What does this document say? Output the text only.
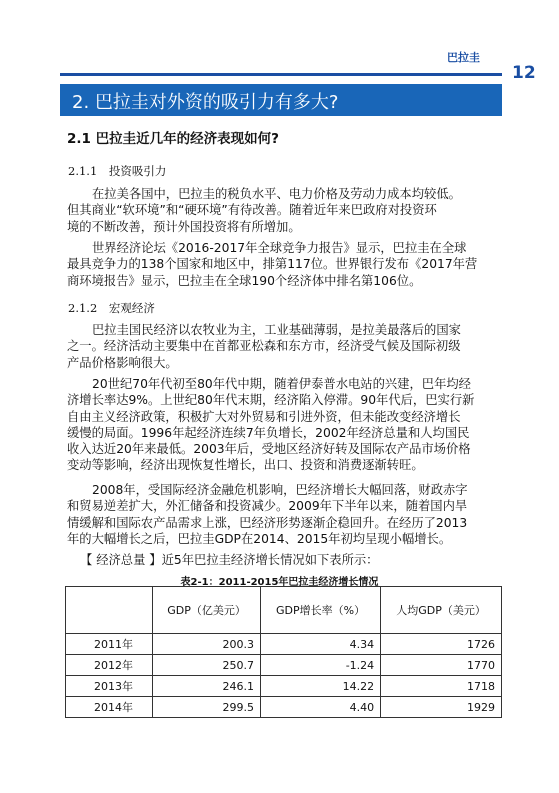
巴拉圭
12
2. 巴拉圭对外资的吸引力有多大?
2.1 巴拉圭近几年的经济表现如何?
2.1.1 投资吸引力

在拉美各国中，巴拉圭的税负水平、电力价格及劳动力成本均较低。
但其商业“软环境”和“硬环境”有待改善。随着近年来巴政府对投资环
境的不断改善，预计外国投资将有所增加。

世界经济论坛《2016-2017年全球竞争力报告》显示，巴拉圭在全球
最具竞争力的138个国家和地区中，排第117位。世界银行发布《2017年营
商环境报告》显示，巴拉圭在全球190个经济体中排名第106位。

2.1.2 宏观经济

巴拉圭国民经济以农牧业为主，工业基础薄弱，是拉美最落后的国家
之一。经济活动主要集中在首都亚松森和东方市，经济受气候及国际初级
产品价格影响很大。

20世纪70年代初至80年代中期，随着伊泰普水电站的兴建，巴年均经
济增长率达9%。上世纪80年代末期，经济陷入停滞。90年代后，巴实行新
自由主义经济政策，积极扩大对外贸易和引进外资，但未能改变经济增长
缓慢的局面。1996年起经济连续7年负增长，2002年经济总量和人均国民
收入达近20年来最低。2003年后，受地区经济好转及国际农产品市场价格
变动等影响，经济出现恢复性增长，出口、投资和消费逐渐转旺。

2008年，受国际经济金融危机影响，巴经济增长大幅回落，财政赤字
和贸易逆差扩大，外汇储备和投资减少。2009年下半年以来，随着国内旱
情缓解和国际农产品需求上涨，巴经济形势逐渐企稳回升。在经历了2013
年的大幅增长之后，巴拉圭GDP在2014、2015年初均呈现小幅增长。

【 经济总量 】近5年巴拉圭经济增长情况如下表所示：

表2-1：2011-2015年巴拉圭经济增长情况
	GDP（亿美元）	GDP增长率（%）	人均GDP（美元）
2011年	200.3	4.34	1726
2012年	250.7	-1.24	1770
2013年	246.1	14.22	1718
2014年	299.5	4.40	1929
